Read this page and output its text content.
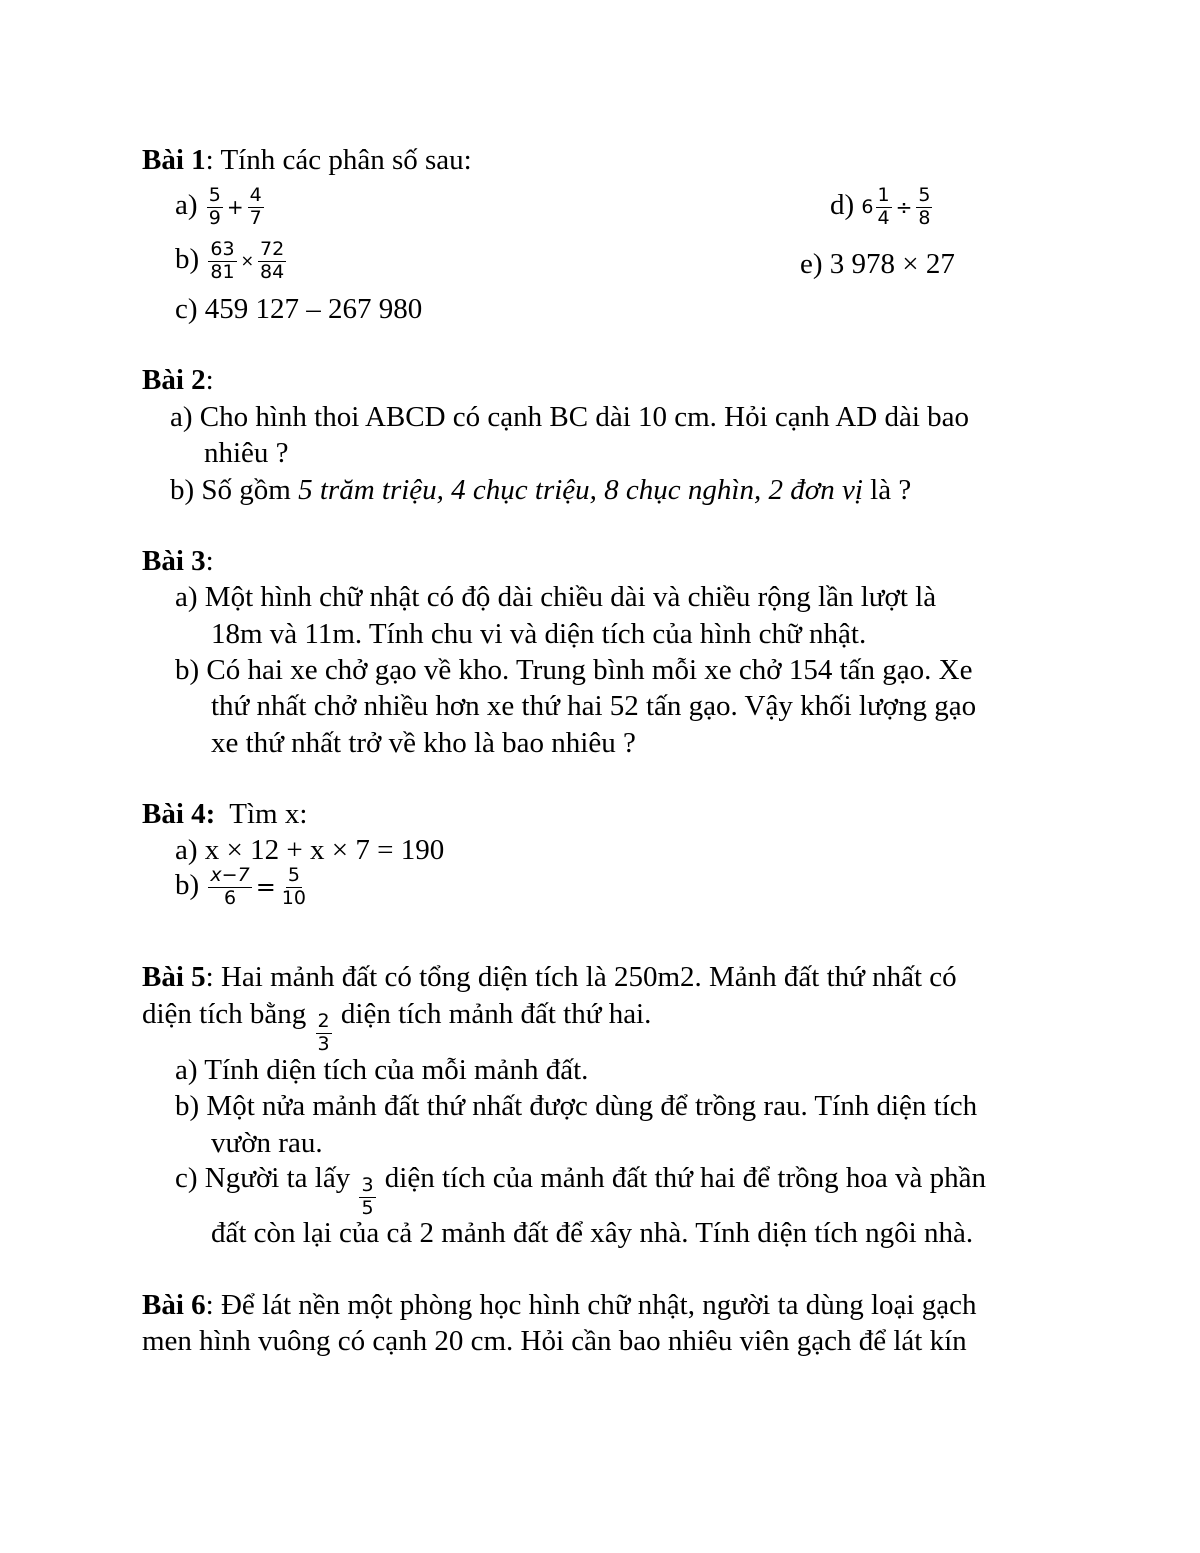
Bài 1: Tính các phân số sau:
$a) \frac{5}{9} + \frac{4}{7}$	d) $6 \frac{1}{4} \div \frac{5}{8}$
$b) \frac{63}{81} \times \frac{72}{84}$	e) 3 978 × 27
c) 459 127 – 267 980
Bài 2:
a) Cho hình thoi ABCD có cạnh BC dài 10 cm. Hỏi cạnh AD dài bao
nhiêu ?
b) Số gồm 5 trăm triệu, 4 chục triệu, 8 chục nghìn, 2 đơn vị là ?
Bài 3:
a) Một hình chữ nhật có độ dài chiều dài và chiều rộng lần lượt là
18m và 11m. Tính chu vi và diện tích của hình chữ nhật.
b) Có hai xe chở gạo về kho. Trung bình mỗi xe chở 154 tấn gạo. Xe
thứ nhất chở nhiều hơn xe thứ hai 52 tấn gạo. Vậy khối lượng gạo
xe thứ nhất trở về kho là bao nhiêu ?
Bài 4:  Tìm x:
a) x × 12 + x × 7 = 190
$b) \frac{x-7}{6} = \frac{5}{10}$
Bài 5: Hai mảnh đất có tổng diện tích là 250m2. Mảnh đất thứ nhất có
diện tích bằng $\frac{2}{3}$ diện tích mảnh đất thứ hai.
a) Tính diện tích của mỗi mảnh đất.
b) Một nửa mảnh đất thứ nhất được dùng để trồng rau. Tính diện tích
vườn rau.
c) Người ta lấy $\frac{3}{5}$ diện tích của mảnh đất thứ hai để trồng hoa và phần
đất còn lại của cả 2 mảnh đất để xây nhà. Tính diện tích ngôi nhà.
Bài 6: Để lát nền một phòng học hình chữ nhật, người ta dùng loại gạch
men hình vuông có cạnh 20 cm. Hỏi cần bao nhiêu viên gạch để lát kín
